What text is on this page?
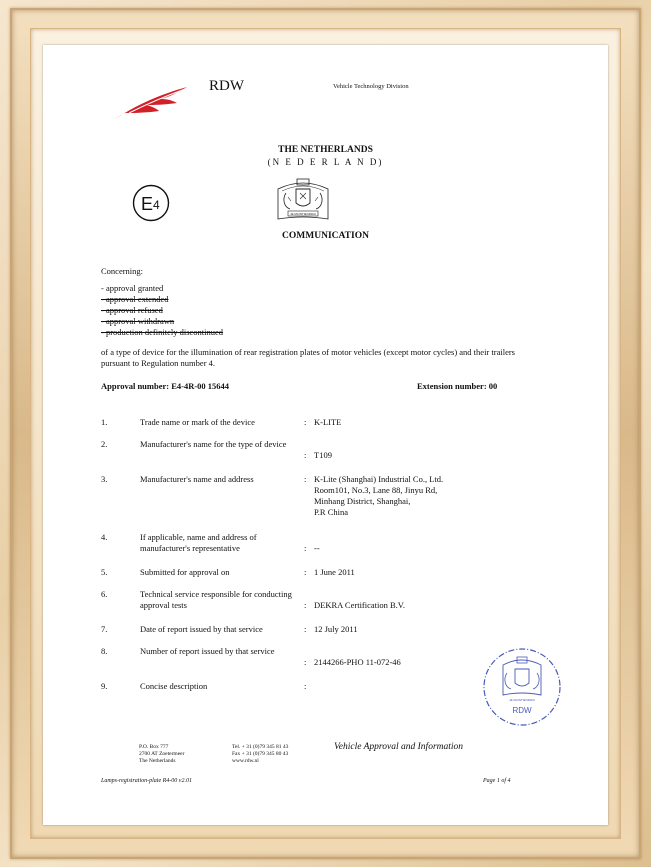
RDW	Vehicle Technology Division
THE NETHERLANDS
(N E D E R L A N D)
E 4
JE MAINTIENDRAI
COMMUNICATION
Concerning:
- approval granted
- approval extended
- approval refused
- approval withdrawn
- production definitely discontinued
of a type of device for the illumination of rear registration plates of motor vehicles (except motor cycles) and their trailers pursuant to Regulation number 4.
Approval number: E4-4R-00 15644	Extension number: 00
1.	Trade name or mark of the device	: K-LITE
2.	Manufacturer's name for the type of device
: T109
3.	Manufacturer's name and address	: K-Lite (Shanghai) Industrial Co., Ltd.
Room101, No.3, Lane 88, Jinyu Rd,
Minhang District, Shanghai,
P.R China
4.	If applicable, name and address of manufacturer's representative	: --
5.	Submitted for approval on	: 1 June 2011
6.	Technical service responsible for conducting approval tests	: DEKRA Certification B.V.
7.	Date of report issued by that service	: 12 July 2011
8.	Number of report issued by that service
: 2144266-PHO 11-072-46
9.	Concise description	:
JE MAINTIENDRAI
RDW
P.O. Box 777
2700 AT Zoetermeer
The Netherlands
Tel. + 31 (0)79 345 81 43
Fax + 31 (0)79 345 80 43
www.rdw.nl
Vehicle Approval and Information
Lamps-registration-plate R4-00 v2.01	Page 1 of 4
